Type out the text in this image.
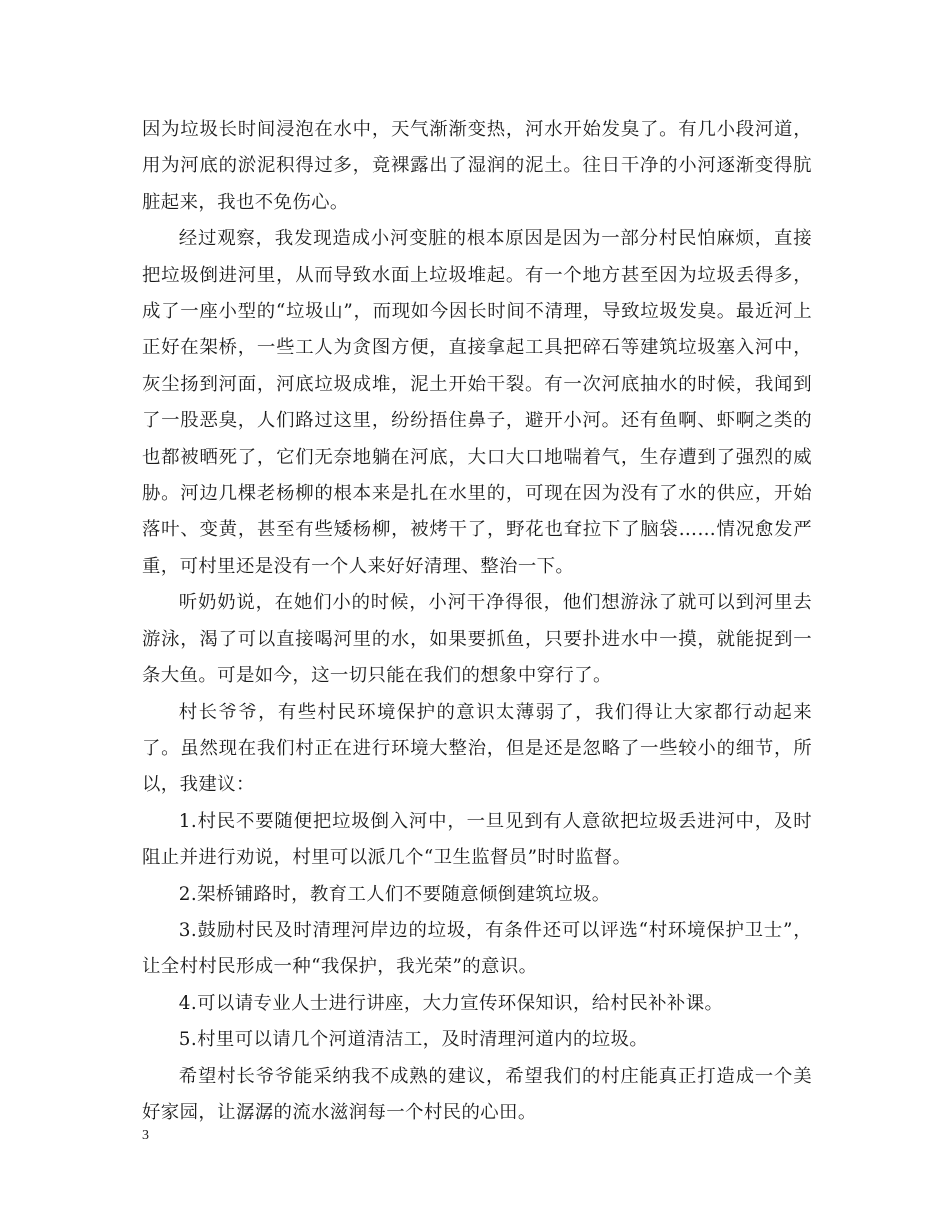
因为垃圾长时间浸泡在水中，天气渐渐变热，河水开始发臭了。有几小段河道，用为河底的淤泥积得过多，竟裸露出了湿润的泥土。往日干净的小河逐渐变得肮脏起来，我也不免伤心。

经过观察，我发现造成小河变脏的根本原因是因为一部分村民怕麻烦，直接把垃圾倒进河里，从而导致水面上垃圾堆起。有一个地方甚至因为垃圾丢得多，成了一座小型的“垃圾山”，而现如今因长时间不清理，导致垃圾发臭。最近河上正好在架桥，一些工人为贪图方便，直接拿起工具把碎石等建筑垃圾塞入河中，灰尘扬到河面，河底垃圾成堆，泥土开始干裂。有一次河底抽水的时候，我闻到了一股恶臭，人们路过这里，纷纷捂住鼻子，避开小河。还有鱼啊、虾啊之类的也都被晒死了，它们无奈地躺在河底，大口大口地喘着气，生存遭到了强烈的威胁。河边几棵老杨柳的根本来是扎在水里的，可现在因为没有了水的供应，开始落叶、变黄，甚至有些矮杨柳，被烤干了，野花也耷拉下了脑袋……情况愈发严重，可村里还是没有一个人来好好清理、整治一下。

听奶奶说，在她们小的时候，小河干净得很，他们想游泳了就可以到河里去游泳，渴了可以直接喝河里的水，如果要抓鱼，只要扑进水中一摸，就能捉到一条大鱼。可是如今，这一切只能在我们的想象中穿行了。

村长爷爷，有些村民环境保护的意识太薄弱了，我们得让大家都行动起来了。虽然现在我们村正在进行环境大整治，但是还是忽略了一些较小的细节，所以，我建议：

1.村民不要随便把垃圾倒入河中，一旦见到有人意欲把垃圾丢进河中，及时阻止并进行劝说，村里可以派几个“卫生监督员”时时监督。

2.架桥铺路时，教育工人们不要随意倾倒建筑垃圾。

3.鼓励村民及时清理河岸边的垃圾，有条件还可以评选“村环境保护卫士”，让全村村民形成一种“我保护，我光荣”的意识。

4.可以请专业人士进行讲座，大力宣传环保知识，给村民补补课。

5.村里可以请几个河道清洁工，及时清理河道内的垃圾。

希望村长爷爷能采纳我不成熟的建议，希望我们的村庄能真正打造成一个美好家园，让潺潺的流水滋润每一个村民的心田。

3
